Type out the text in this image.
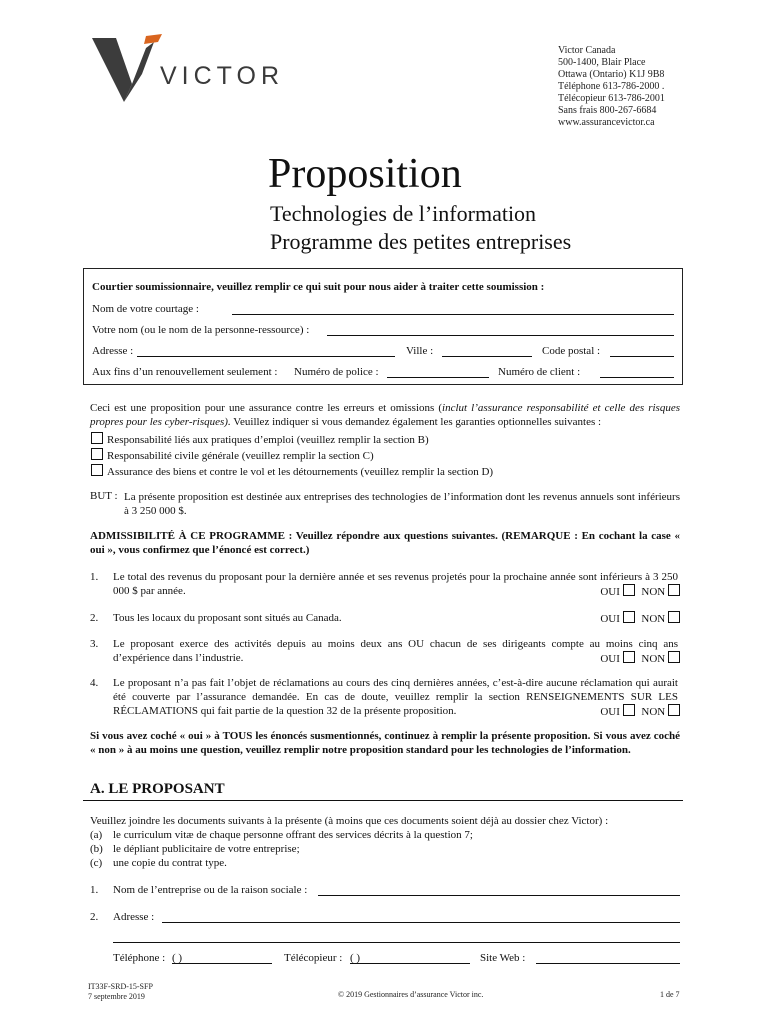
VICTOR
Victor Canada
500-1400, Blair Place
Ottawa (Ontario) K1J 9B8
Téléphone 613-786-2000 .
Télécopieur 613-786-2001
Sans frais 800-267-6684
www.assurancevictor.ca
Proposition
Technologies de l’information
Programme des petites entreprises
Courtier soumissionnaire, veuillez remplir ce qui suit pour nous aider à traiter cette soumission :
Nom de votre courtage :
Votre nom (ou le nom de la personne-ressource) :
Adresse :	Ville :	Code postal :
Aux fins d’un renouvellement seulement : Numéro de police :	Numéro de client :
Ceci est une proposition pour une assurance contre les erreurs et omissions (inclut l’assurance responsabilité et celle des risques propres pour les cyber-risques). Veuillez indiquer si vous demandez également les garanties optionnelles suivantes :
Responsabilité liés aux pratiques d’emploi (veuillez remplir la section B)
Responsabilité civile générale (veuillez remplir la section C)
Assurance des biens et contre le vol et les détournements (veuillez remplir la section D)
BUT : La présente proposition est destinée aux entreprises des technologies de l’information dont les revenus annuels sont inférieurs à 3 250 000 $.
ADMISSIBILITÉ À CE PROGRAMME : Veuillez répondre aux questions suivantes. (REMARQUE : En cochant la case « oui », vous confirmez que l’énoncé est correct.)
1. Le total des revenus du proposant pour la dernière année et ses revenus projetés pour la prochaine année sont inférieurs à 3 250 000 $ par année.	OUI NON
2. Tous les locaux du proposant sont situés au Canada.	OUI NON
3. Le proposant exerce des activités depuis au moins deux ans OU chacun de ses dirigeants compte au moins cinq ans d’expérience dans l’industrie.	OUI NON
4. Le proposant n’a pas fait l’objet de réclamations au cours des cinq dernières années, c’est-à-dire aucune réclamation qui aurait été couverte par l’assurance demandée. En cas de doute, veuillez remplir la section RENSEIGNEMENTS SUR LES RÉCLAMATIONS qui fait partie de la question 32 de la présente proposition.	OUI NON
Si vous avez coché « oui » à TOUS les énoncés susmentionnés, continuez à remplir la présente proposition. Si vous avez coché « non » à au moins une question, veuillez remplir notre proposition standard pour les technologies de l’information.
A. LE PROPOSANT
Veuillez joindre les documents suivants à la présente (à moins que ces documents soient déjà au dossier chez Victor) :
(a) le curriculum vitæ de chaque personne offrant des services décrits à la question 7;
(b) le dépliant publicitaire de votre entreprise;
(c) une copie du contrat type.
1. Nom de l’entreprise ou de la raison sociale :
2. Adresse :
Téléphone : ( )	Télécopieur : ( )	Site Web :
IT33F-SRD-15-SFP
7 septembre 2019	© 2019 Gestionnaires d’assurance Victor inc.	1 de 7
